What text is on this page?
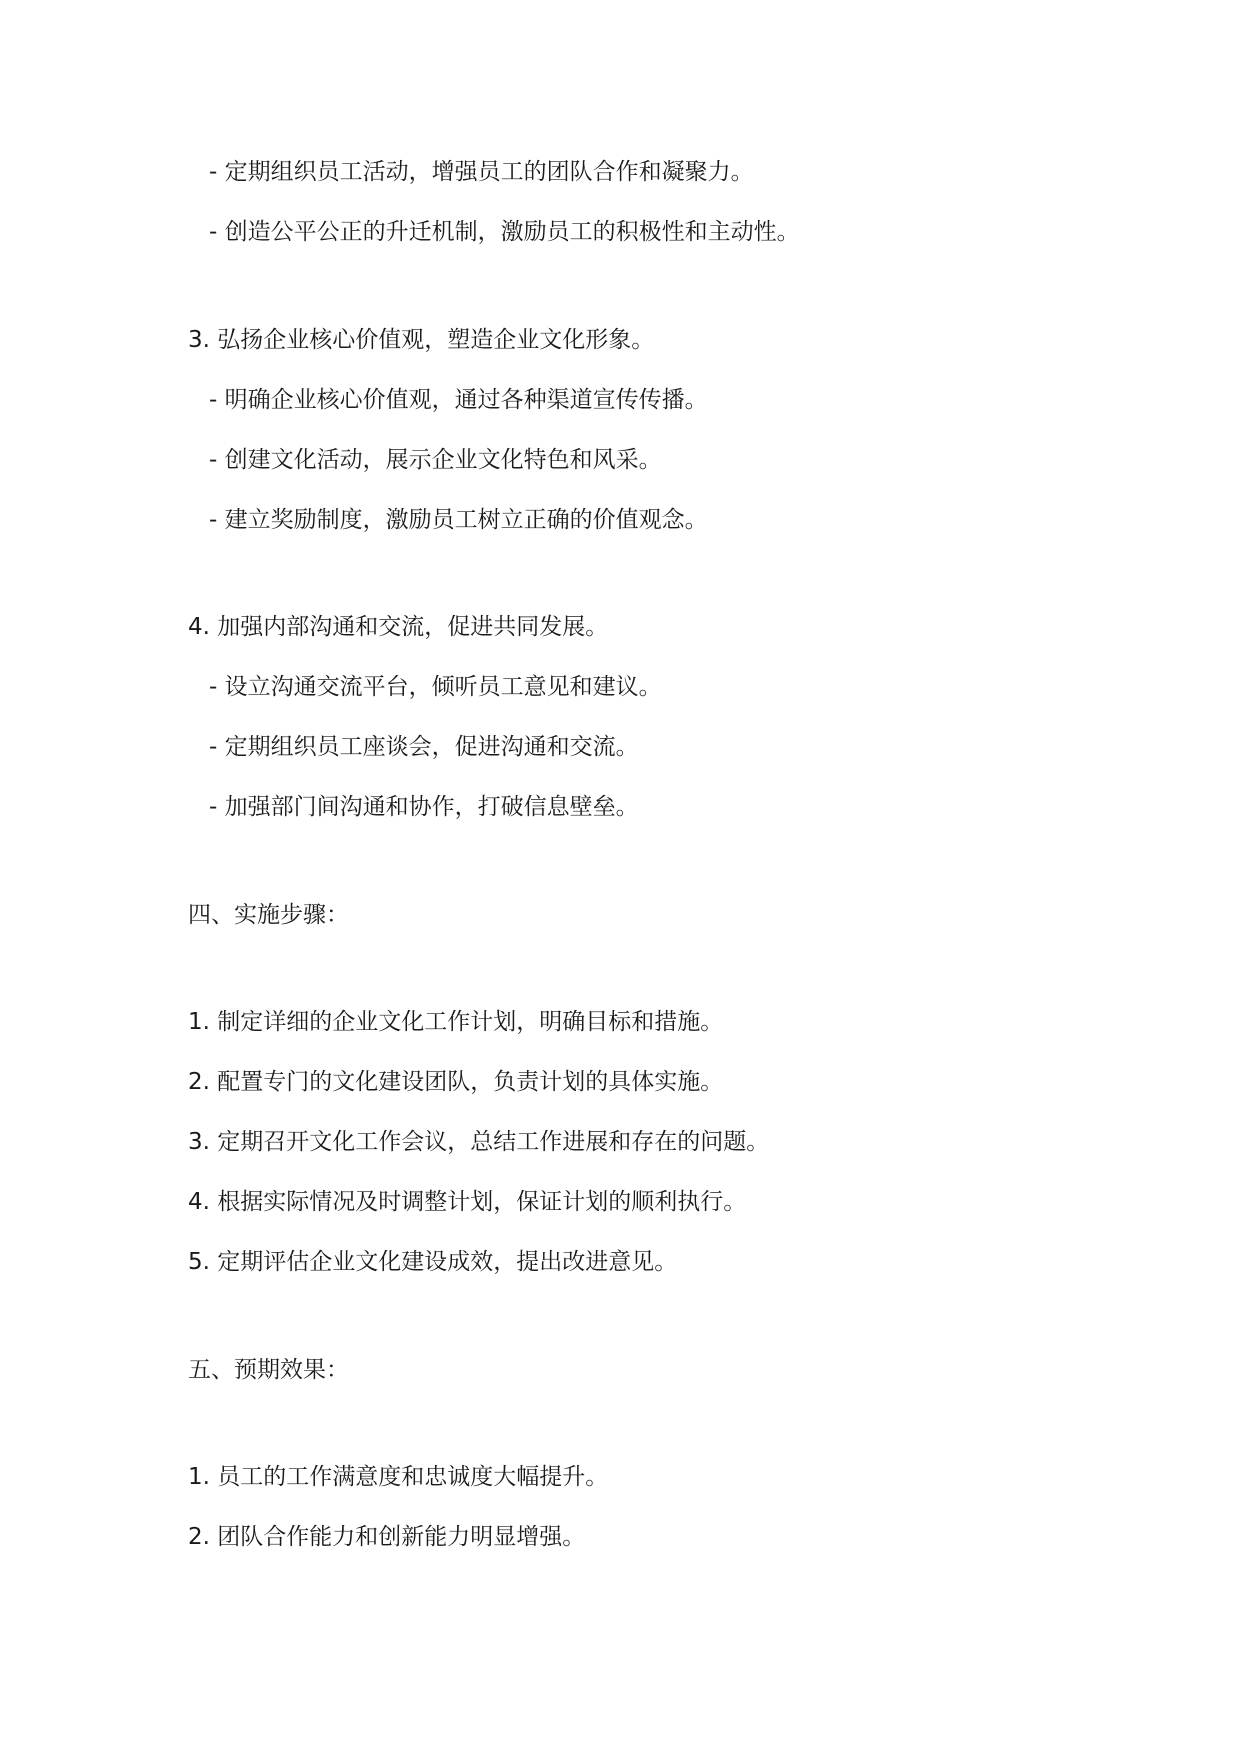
- 定期组织员工活动，增强员工的团队合作和凝聚力。
- 创造公平公正的升迁机制，激励员工的积极性和主动性。
3. 弘扬企业核心价值观，塑造企业文化形象。
- 明确企业核心价值观，通过各种渠道宣传传播。
- 创建文化活动，展示企业文化特色和风采。
- 建立奖励制度，激励员工树立正确的价值观念。
4. 加强内部沟通和交流，促进共同发展。
- 设立沟通交流平台，倾听员工意见和建议。
- 定期组织员工座谈会，促进沟通和交流。
- 加强部门间沟通和协作，打破信息壁垒。
四、实施步骤：
1. 制定详细的企业文化工作计划，明确目标和措施。
2. 配置专门的文化建设团队，负责计划的具体实施。
3. 定期召开文化工作会议，总结工作进展和存在的问题。
4. 根据实际情况及时调整计划，保证计划的顺利执行。
5. 定期评估企业文化建设成效，提出改进意见。
五、预期效果：
1. 员工的工作满意度和忠诚度大幅提升。
2. 团队合作能力和创新能力明显增强。
